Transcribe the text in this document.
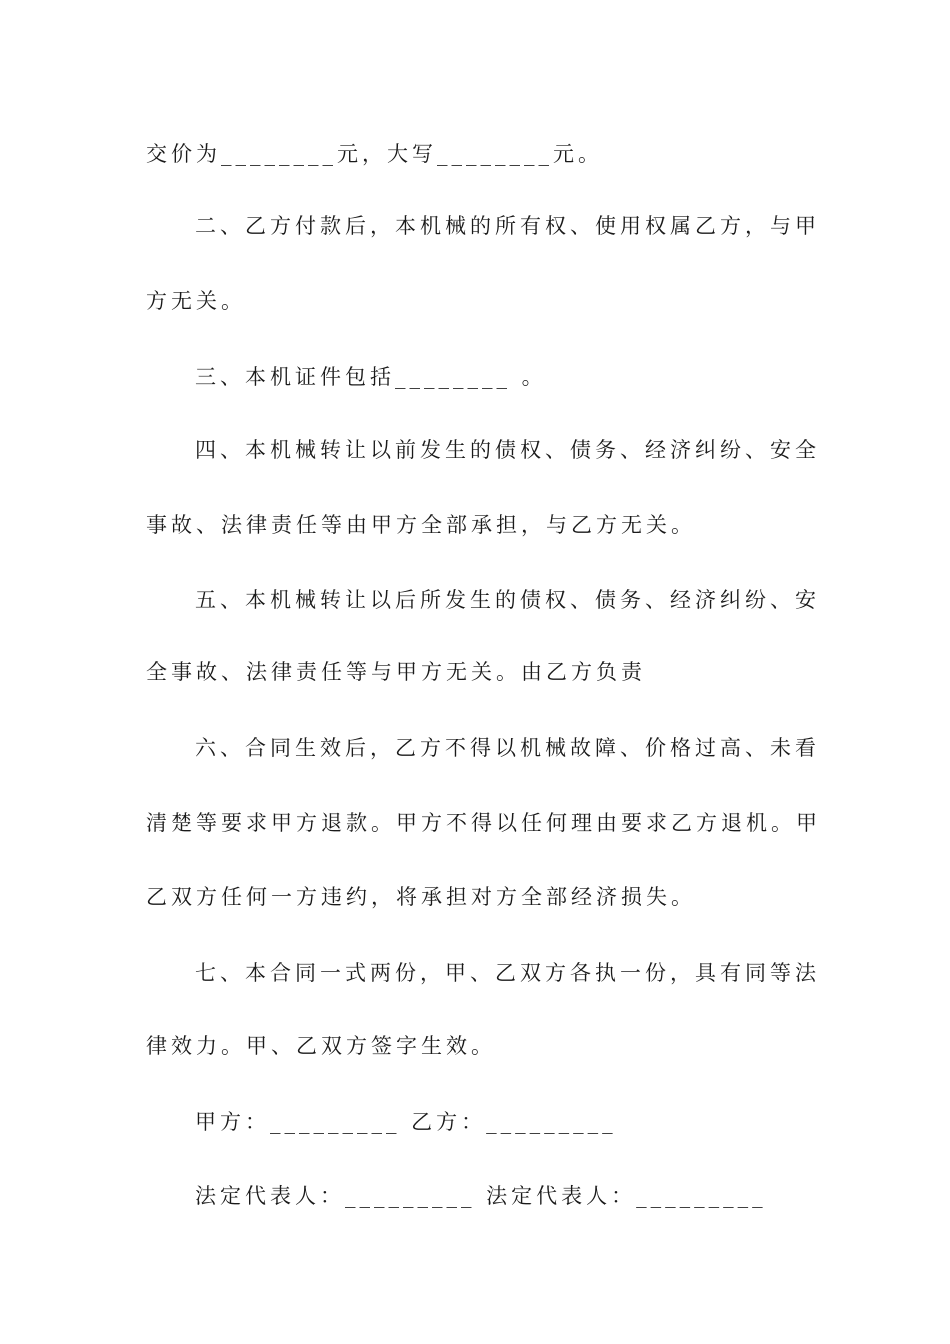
交价为________元，大写________元。
二、乙方付款后，本机械的所有权、使用权属乙方，与甲
方无关。
三、本机证件包括________ 。
四、本机械转让以前发生的债权、债务、经济纠纷、安全
事故、法律责任等由甲方全部承担，与乙方无关。
五、本机械转让以后所发生的债权、债务、经济纠纷、安
全事故、法律责任等与甲方无关。由乙方负责
六、合同生效后，乙方不得以机械故障、价格过高、未看
清楚等要求甲方退款。甲方不得以任何理由要求乙方退机。甲
乙双方任何一方违约，将承担对方全部经济损失。
七、本合同一式两份，甲、乙双方各执一份，具有同等法
律效力。甲、乙双方签字生效。
甲方：_________ 乙方：_________
法定代表人：_________ 法定代表人：_________
